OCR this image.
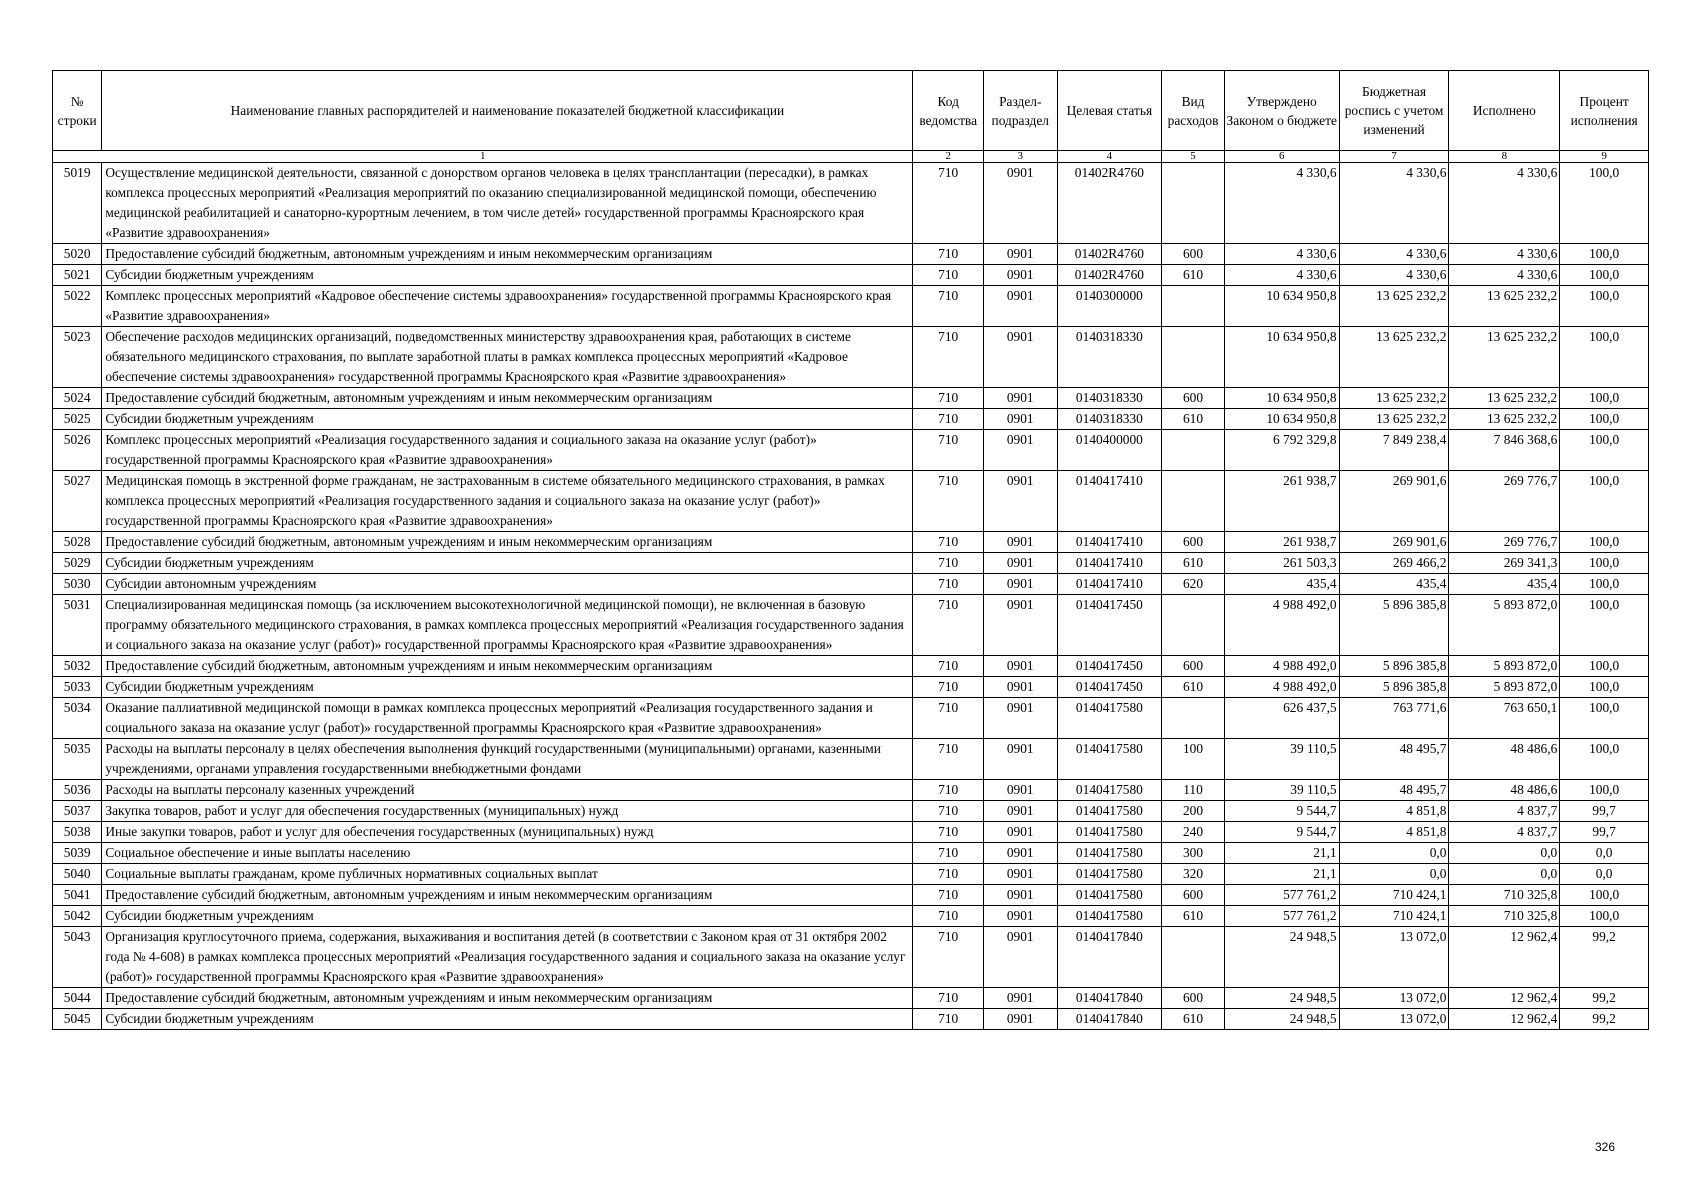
№ строки	Наименование главных распорядителей и наименование показателей бюджетной классификации	Код ведомства	Раздел-подраздел	Целевая статья	Вид расходов	Утверждено Законом о бюджете	Бюджетная роспись с учетом изменений	Исполнено	Процент исполнения
1		2	3	4	5	6	7	8	9
5019	Осуществление медицинской деятельности, связанной с донорством органов человека в целях трансплантации (пересадки), в рамках комплекса процессных мероприятий «Реализация мероприятий по оказанию специализированной медицинской помощи, обеспечению медицинской реабилитацией и санаторно-курортным лечением, в том числе детей» государственной программы Красноярского края «Развитие здравоохранения»	710	0901	01402R4760		4 330,6	4 330,6	4 330,6	100,0
5020	Предоставление субсидий бюджетным, автономным учреждениям и иным некоммерческим организациям	710	0901	01402R4760	600	4 330,6	4 330,6	4 330,6	100,0
5021	Субсидии бюджетным учреждениям	710	0901	01402R4760	610	4 330,6	4 330,6	4 330,6	100,0
5022	Комплекс процессных мероприятий «Кадровое обеспечение системы здравоохранения» государственной программы Красноярского края «Развитие здравоохранения»	710	0901	0140300000		10 634 950,8	13 625 232,2	13 625 232,2	100,0
5023	Обеспечение расходов медицинских организаций, подведомственных министерству здравоохранения края, работающих в системе обязательного медицинского страхования, по выплате заработной платы в рамках комплекса процессных мероприятий «Кадровое обеспечение системы здравоохранения» государственной программы Красноярского края «Развитие здравоохранения»	710	0901	0140318330		10 634 950,8	13 625 232,2	13 625 232,2	100,0
5024	Предоставление субсидий бюджетным, автономным учреждениям и иным некоммерческим организациям	710	0901	0140318330	600	10 634 950,8	13 625 232,2	13 625 232,2	100,0
5025	Субсидии бюджетным учреждениям	710	0901	0140318330	610	10 634 950,8	13 625 232,2	13 625 232,2	100,0
5026	Комплекс процессных мероприятий «Реализация государственного задания и социального заказа на оказание услуг (работ)» государственной программы Красноярского края «Развитие здравоохранения»	710	0901	0140400000		6 792 329,8	7 849 238,4	7 846 368,6	100,0
5027	Медицинская помощь в экстренной форме гражданам, не застрахованным в системе обязательного медицинского страхования, в рамках комплекса процессных мероприятий «Реализация государственного задания и социального заказа на оказание услуг (работ)» государственной программы Красноярского края «Развитие здравоохранения»	710	0901	0140417410		261 938,7	269 901,6	269 776,7	100,0
5028	Предоставление субсидий бюджетным, автономным учреждениям и иным некоммерческим организациям	710	0901	0140417410	600	261 938,7	269 901,6	269 776,7	100,0
5029	Субсидии бюджетным учреждениям	710	0901	0140417410	610	261 503,3	269 466,2	269 341,3	100,0
5030	Субсидии автономным учреждениям	710	0901	0140417410	620	435,4	435,4	435,4	100,0
5031	Специализированная медицинская помощь (за исключением высокотехнологичной медицинской помощи), не включенная в базовую программу обязательного медицинского страхования, в рамках комплекса процессных мероприятий «Реализация государственного задания и социального заказа на оказание услуг (работ)» государственной программы Красноярского края «Развитие здравоохранения»	710	0901	0140417450		4 988 492,0	5 896 385,8	5 893 872,0	100,0
5032	Предоставление субсидий бюджетным, автономным учреждениям и иным некоммерческим организациям	710	0901	0140417450	600	4 988 492,0	5 896 385,8	5 893 872,0	100,0
5033	Субсидии бюджетным учреждениям	710	0901	0140417450	610	4 988 492,0	5 896 385,8	5 893 872,0	100,0
5034	Оказание паллиативной медицинской помощи в рамках комплекса процессных мероприятий «Реализация государственного задания и социального заказа на оказание услуг (работ)» государственной программы Красноярского края «Развитие здравоохранения»	710	0901	0140417580		626 437,5	763 771,6	763 650,1	100,0
5035	Расходы на выплаты персоналу в целях обеспечения выполнения функций государственными (муниципальными) органами, казенными учреждениями, органами управления государственными внебюджетными фондами	710	0901	0140417580	100	39 110,5	48 495,7	48 486,6	100,0
5036	Расходы на выплаты персоналу казенных учреждений	710	0901	0140417580	110	39 110,5	48 495,7	48 486,6	100,0
5037	Закупка товаров, работ и услуг для обеспечения государственных (муниципальных) нужд	710	0901	0140417580	200	9 544,7	4 851,8	4 837,7	99,7
5038	Иные закупки товаров, работ и услуг для обеспечения государственных (муниципальных) нужд	710	0901	0140417580	240	9 544,7	4 851,8	4 837,7	99,7
5039	Социальное обеспечение и иные выплаты населению	710	0901	0140417580	300	21,1	0,0	0,0	0,0
5040	Социальные выплаты гражданам, кроме публичных нормативных социальных выплат	710	0901	0140417580	320	21,1	0,0	0,0	0,0
5041	Предоставление субсидий бюджетным, автономным учреждениям и иным некоммерческим организациям	710	0901	0140417580	600	577 761,2	710 424,1	710 325,8	100,0
5042	Субсидии бюджетным учреждениям	710	0901	0140417580	610	577 761,2	710 424,1	710 325,8	100,0
5043	Организация круглосуточного приема, содержания, выхаживания и воспитания детей (в соответствии с Законом края от 31 октября 2002 года № 4-608) в рамках комплекса процессных мероприятий «Реализация государственного задания и социального заказа на оказание услуг (работ)» государственной программы Красноярского края «Развитие здравоохранения»	710	0901	0140417840		24 948,5	13 072,0	12 962,4	99,2
5044	Предоставление субсидий бюджетным, автономным учреждениям и иным некоммерческим организациям	710	0901	0140417840	600	24 948,5	13 072,0	12 962,4	99,2
5045	Субсидии бюджетным учреждениям	710	0901	0140417840	610	24 948,5	13 072,0	12 962,4	99,2
326
